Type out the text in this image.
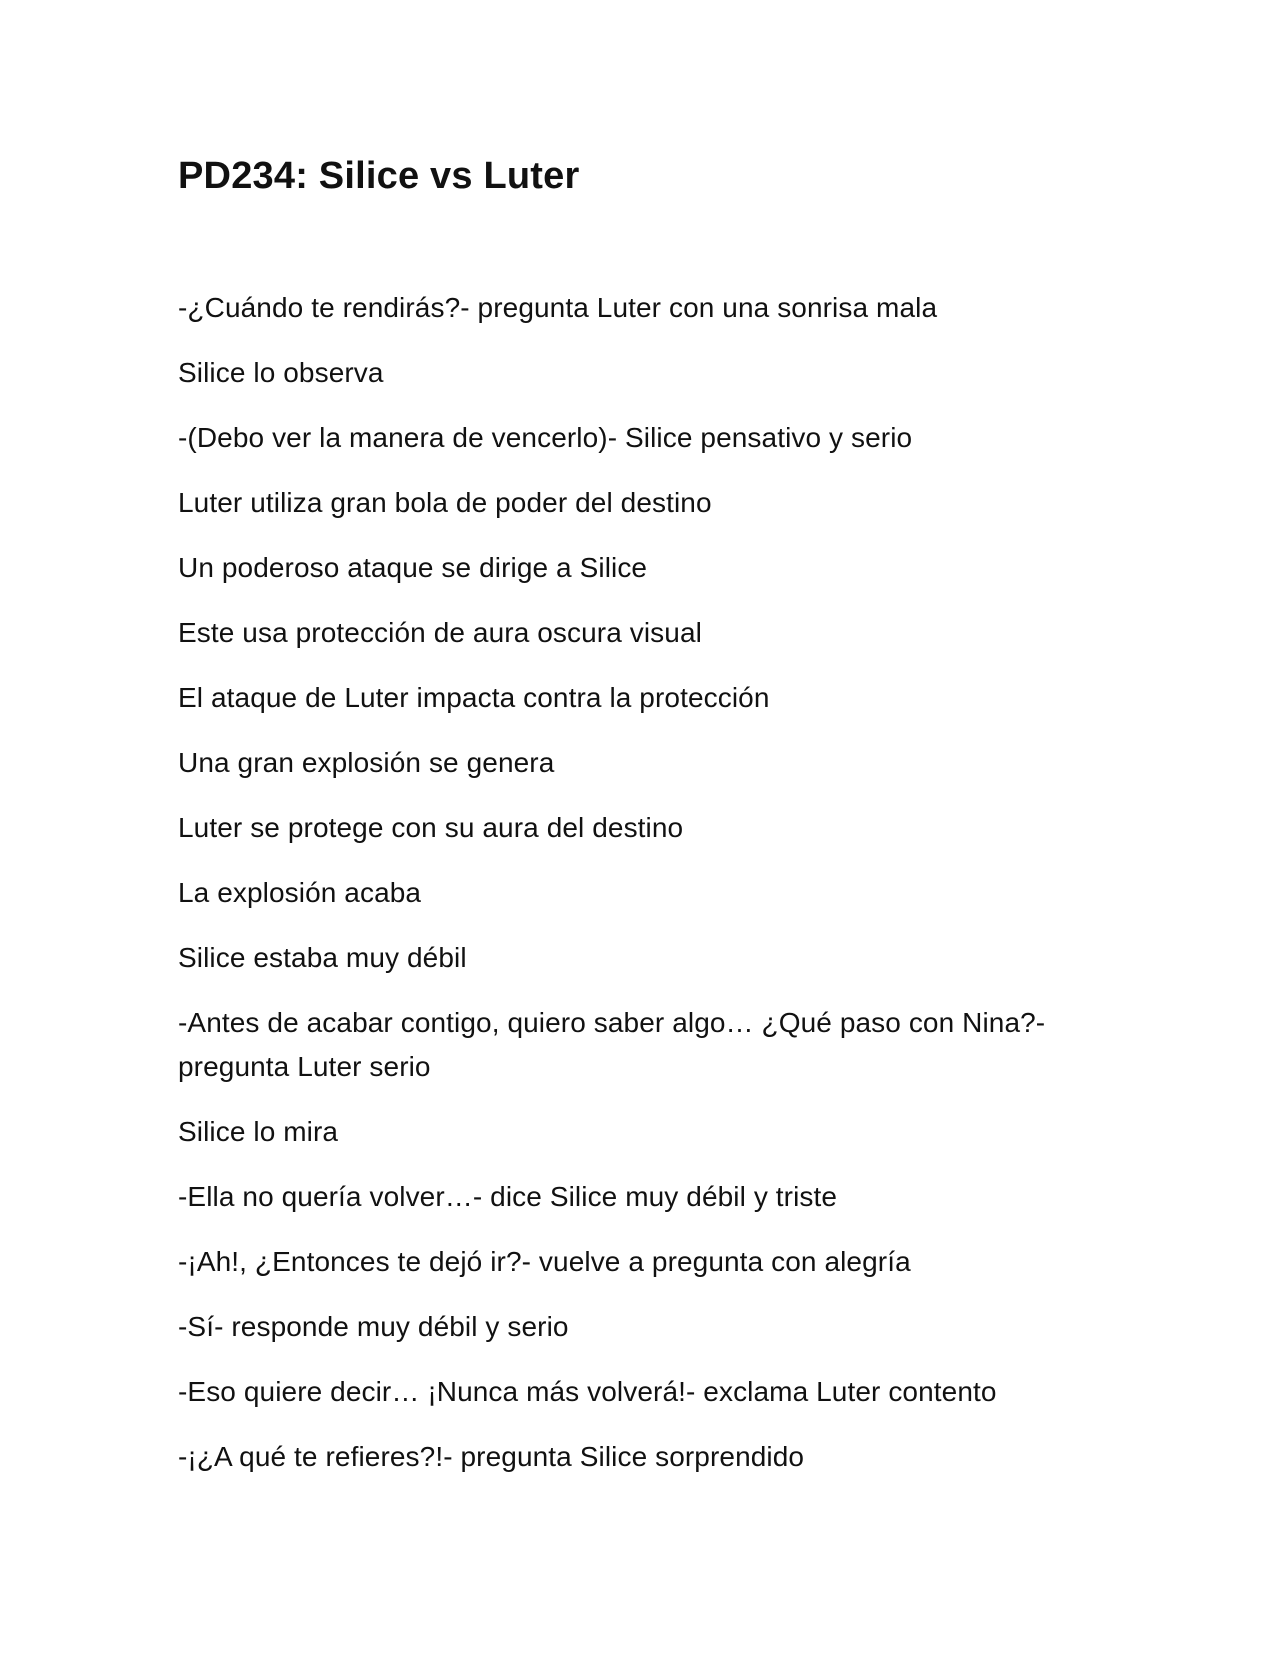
PD234: Silice vs Luter
-¿Cuándo te rendirás?- pregunta Luter con una sonrisa mala
Silice lo observa
-(Debo ver la manera de vencerlo)- Silice pensativo y serio
Luter utiliza gran bola de poder del destino
Un poderoso ataque se dirige a Silice
Este usa protección de aura oscura visual
El ataque de Luter impacta contra la protección
Una gran explosión se genera
Luter se protege con su aura del destino
La explosión acaba
Silice estaba muy débil
-Antes de acabar contigo, quiero saber algo… ¿Qué paso con Nina?- pregunta Luter serio
Silice lo mira
-Ella no quería volver…- dice Silice muy débil y triste
-¡Ah!, ¿Entonces te dejó ir?- vuelve a pregunta con alegría
-Sí- responde muy débil y serio
-Eso quiere decir… ¡Nunca más volverá!- exclama Luter contento
-¡¿A qué te refieres?!- pregunta Silice sorprendido
